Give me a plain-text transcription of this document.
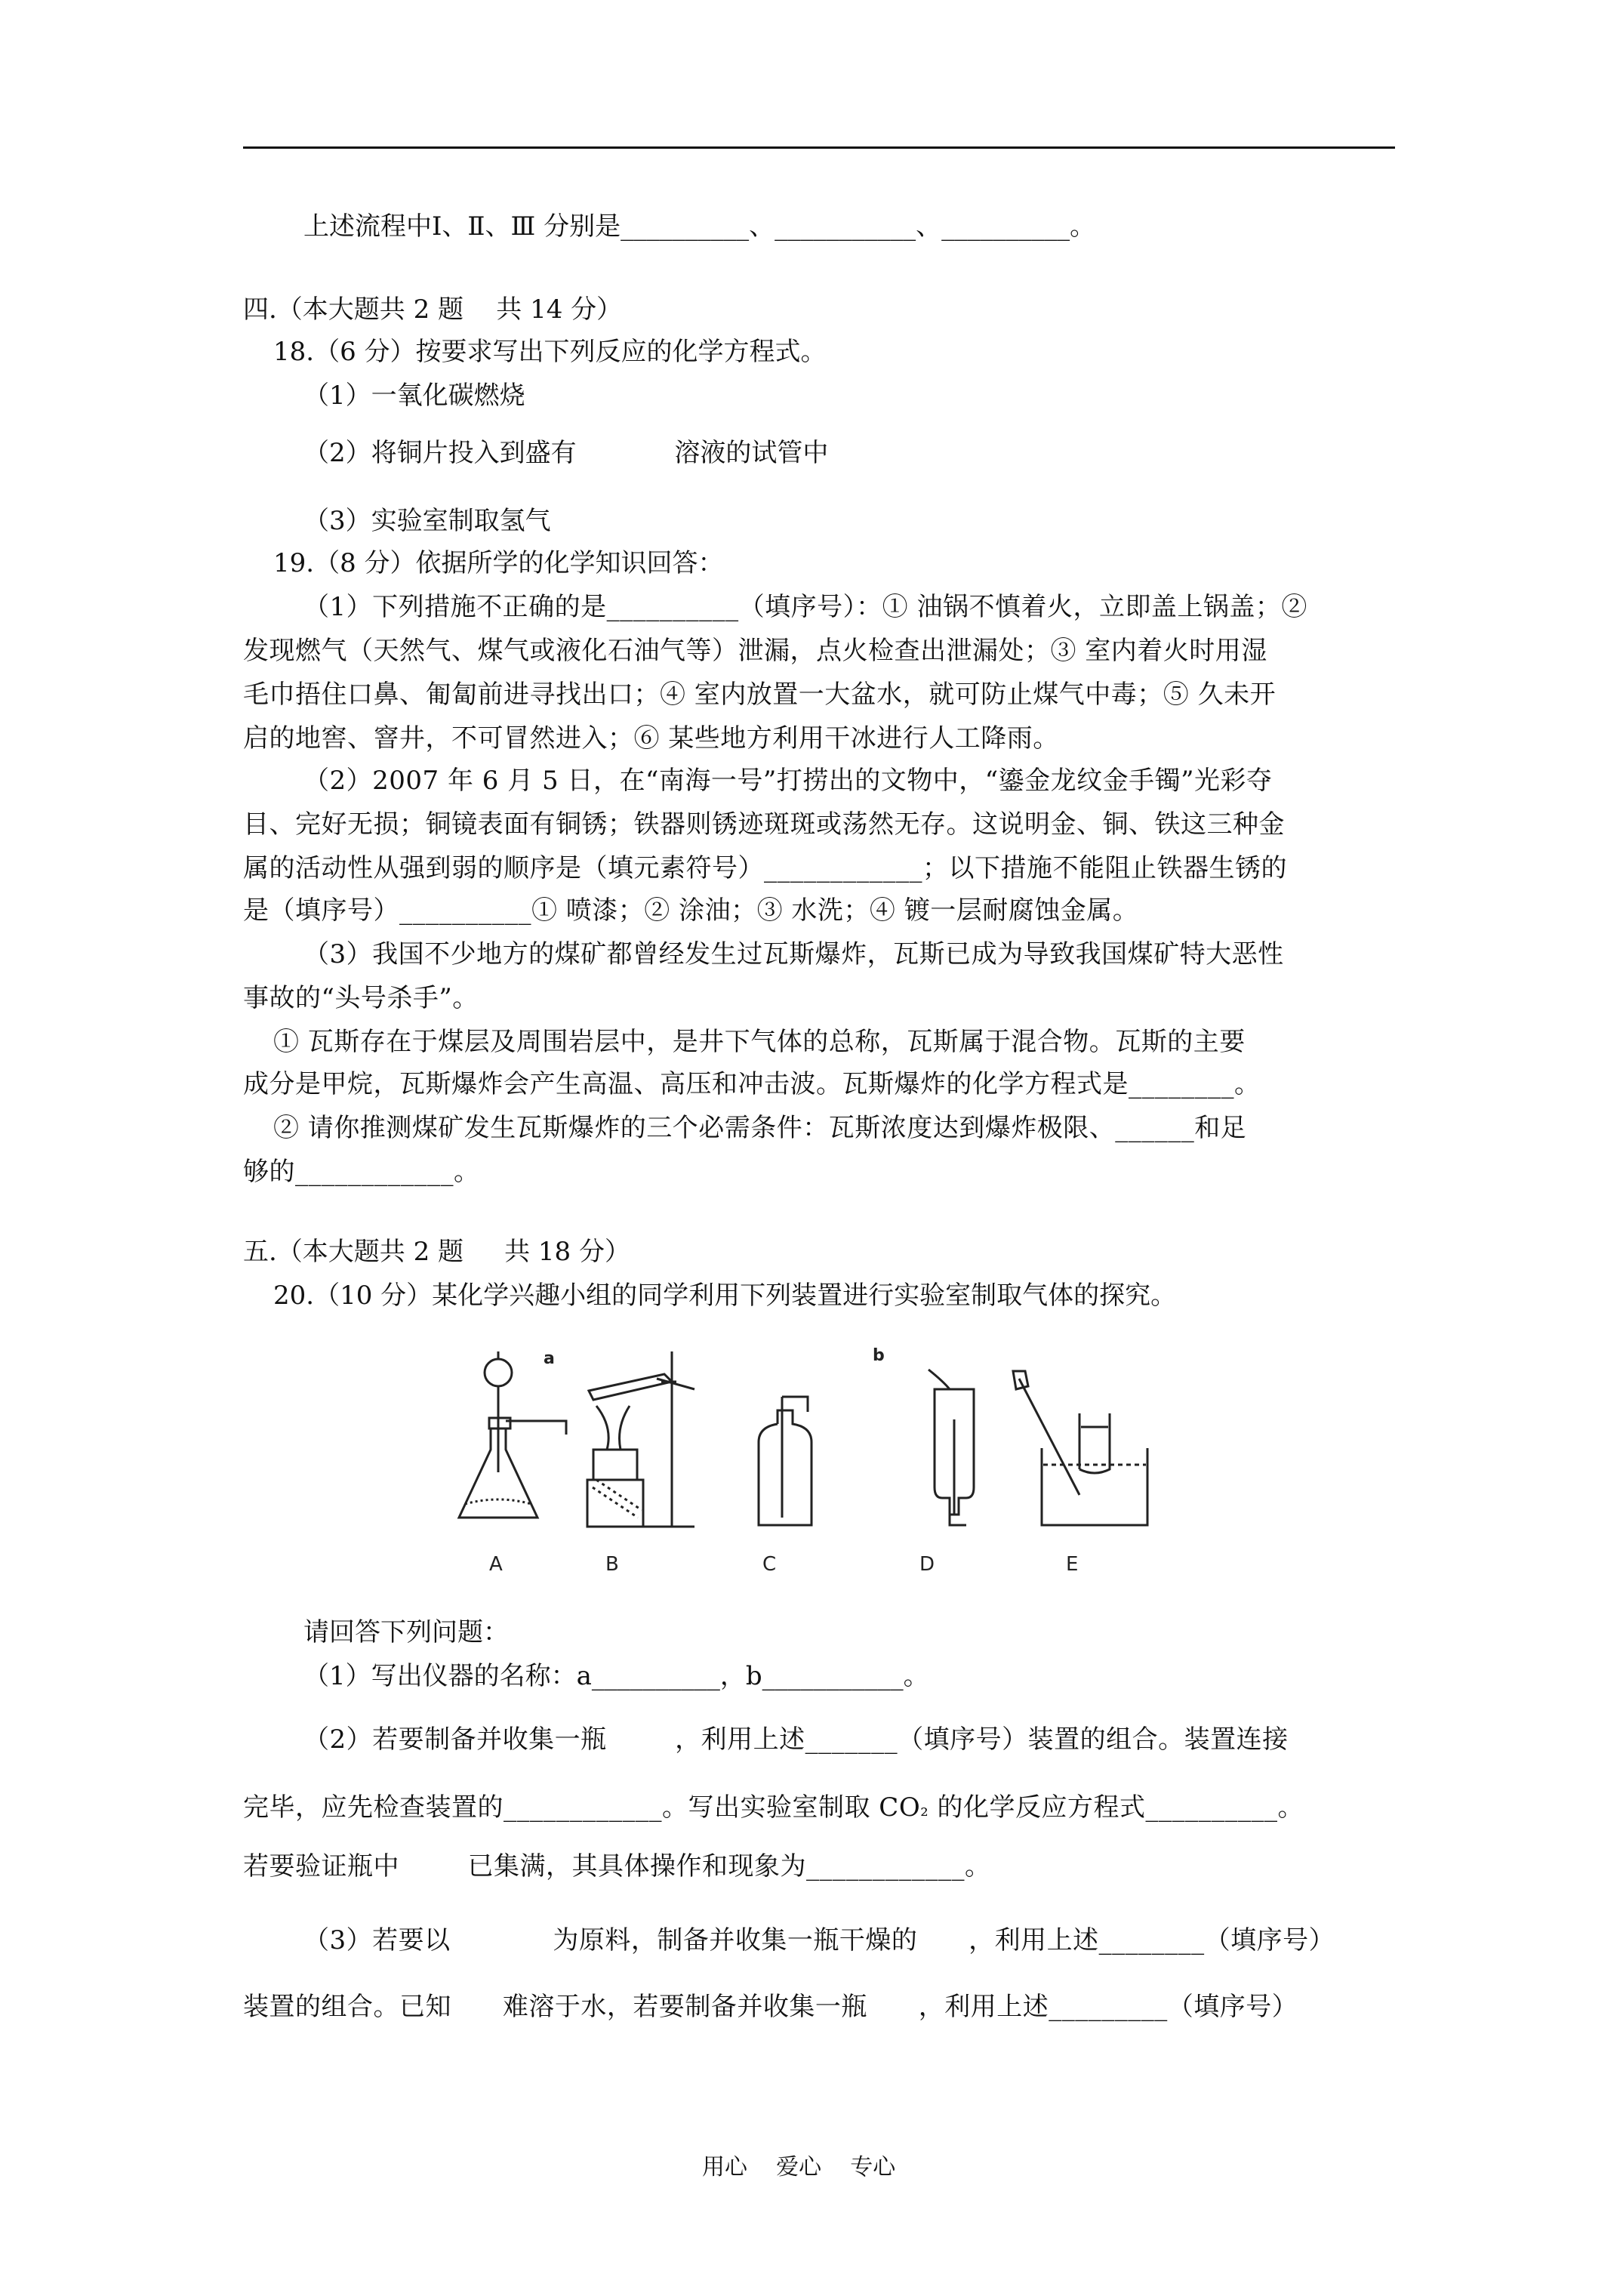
上述流程中I、Ⅱ、Ⅲ 分别是__________、___________、__________。
四.（本大题共 2 题    共 14 分）
18.（6 分）按要求写出下列反应的化学方程式。
（1）一氧化碳燃烧
（2）将铜片投入到盛有            溶液的试管中
（3）实验室制取氢气
19.（8 分）依据所学的化学知识回答：
（1）下列措施不正确的是__________（填序号）：① 油锅不慎着火，立即盖上锅盖；②
发现燃气（天然气、煤气或液化石油气等）泄漏，点火检查出泄漏处；③ 室内着火时用湿
毛巾捂住口鼻、匍匐前进寻找出口；④ 室内放置一大盆水，就可防止煤气中毒；⑤ 久未开
启的地窖、窨井，不可冒然进入；⑥ 某些地方利用干冰进行人工降雨。
（2）2007 年 6 月 5 日，在“南海一号”打捞出的文物中，“鎏金龙纹金手镯”光彩夺
目、完好无损；铜镜表面有铜锈；铁器则锈迹斑斑或荡然无存。这说明金、铜、铁这三种金
属的活动性从强到弱的顺序是（填元素符号）____________；以下措施不能阻止铁器生锈的
是（填序号）__________① 喷漆；② 涂油；③ 水洗；④ 镀一层耐腐蚀金属。
（3）我国不少地方的煤矿都曾经发生过瓦斯爆炸，瓦斯已成为导致我国煤矿特大恶性
事故的“头号杀手”。
① 瓦斯存在于煤层及周围岩层中，是井下气体的总称，瓦斯属于混合物。瓦斯的主要
成分是甲烷，瓦斯爆炸会产生高温、高压和冲击波。瓦斯爆炸的化学方程式是________。
② 请你推测煤矿发生瓦斯爆炸的三个必需条件：瓦斯浓度达到爆炸极限、______和足
够的____________。
五.（本大题共 2 题     共 18 分）
20.（10 分）某化学兴趣小组的同学利用下列装置进行实验室制取气体的探究。
a	b
A	B	C	D	E
请回答下列问题：
（1）写出仪器的名称：a__________，b___________。
（2）若要制备并收集一瓶        ，利用上述_______（填序号）装置的组合。装置连接
完毕，应先检查装置的____________。写出实验室制取 CO₂ 的化学反应方程式__________。
若要验证瓶中        已集满，其具体操作和现象为____________。
（3）若要以            为原料，制备并收集一瓶干燥的      ，利用上述________（填序号）
装置的组合。已知      难溶于水，若要制备并收集一瓶      ，利用上述_________（填序号）
用心    爱心    专心
